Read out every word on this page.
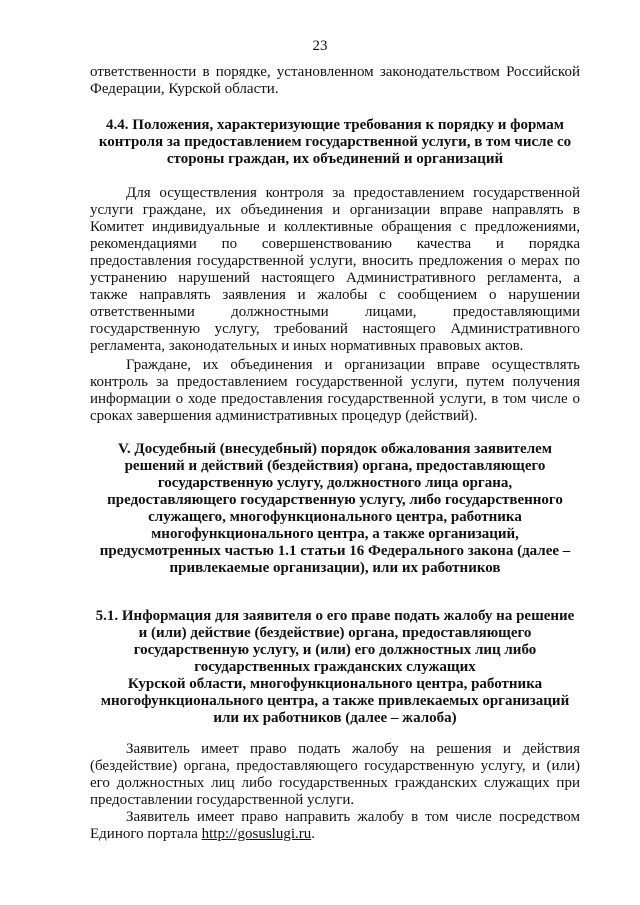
23
ответственности в порядке, установленном законодательством Российской Федерации, Курской области.
4.4. Положения, характеризующие требования к порядку и формам контроля за предоставлением государственной услуги, в том числе со стороны граждан, их объединений и организаций
Для осуществления контроля за предоставлением государственной услуги граждане, их объединения и организации вправе направлять в Комитет индивидуальные и коллективные обращения с предложениями, рекомендациями по совершенствованию качества и порядка предоставления государственной услуги, вносить предложения о мерах по устранению нарушений настоящего Административного регламента, а также направлять заявления и жалобы с сообщением о нарушении ответственными должностными лицами, предоставляющими государственную услугу, требований настоящего Административного регламента, законодательных и иных нормативных правовых актов.
Граждане, их объединения и организации вправе осуществлять контроль за предоставлением государственной услуги, путем получения информации о ходе предоставления государственной услуги, в том числе о сроках завершения административных процедур (действий).
V. Досудебный (внесудебный) порядок обжалования заявителем решений и действий (бездействия) органа, предоставляющего государственную услугу, должностного лица органа, предоставляющего государственную услугу, либо государственного служащего, многофункционального центра, работника многофункционального центра, а также организаций, предусмотренных частью 1.1 статьи 16 Федерального закона (далее – привлекаемые организации), или их работников
5.1. Информация для заявителя о его праве подать жалобу на решение и (или) действие (бездействие) органа, предоставляющего государственную услугу, и (или) его должностных лиц либо государственных гражданских служащих
Курской области, многофункционального центра, работника многофункционального центра, а также привлекаемых организаций или их работников (далее – жалоба)
Заявитель имеет право подать жалобу на решения и действия (бездействие) органа, предоставляющего государственную услугу, и (или) его должностных лиц либо государственных гражданских служащих при предоставлении государственной услуги.
Заявитель имеет право направить жалобу в том числе посредством Единого портала http://gosuslugi.ru.
